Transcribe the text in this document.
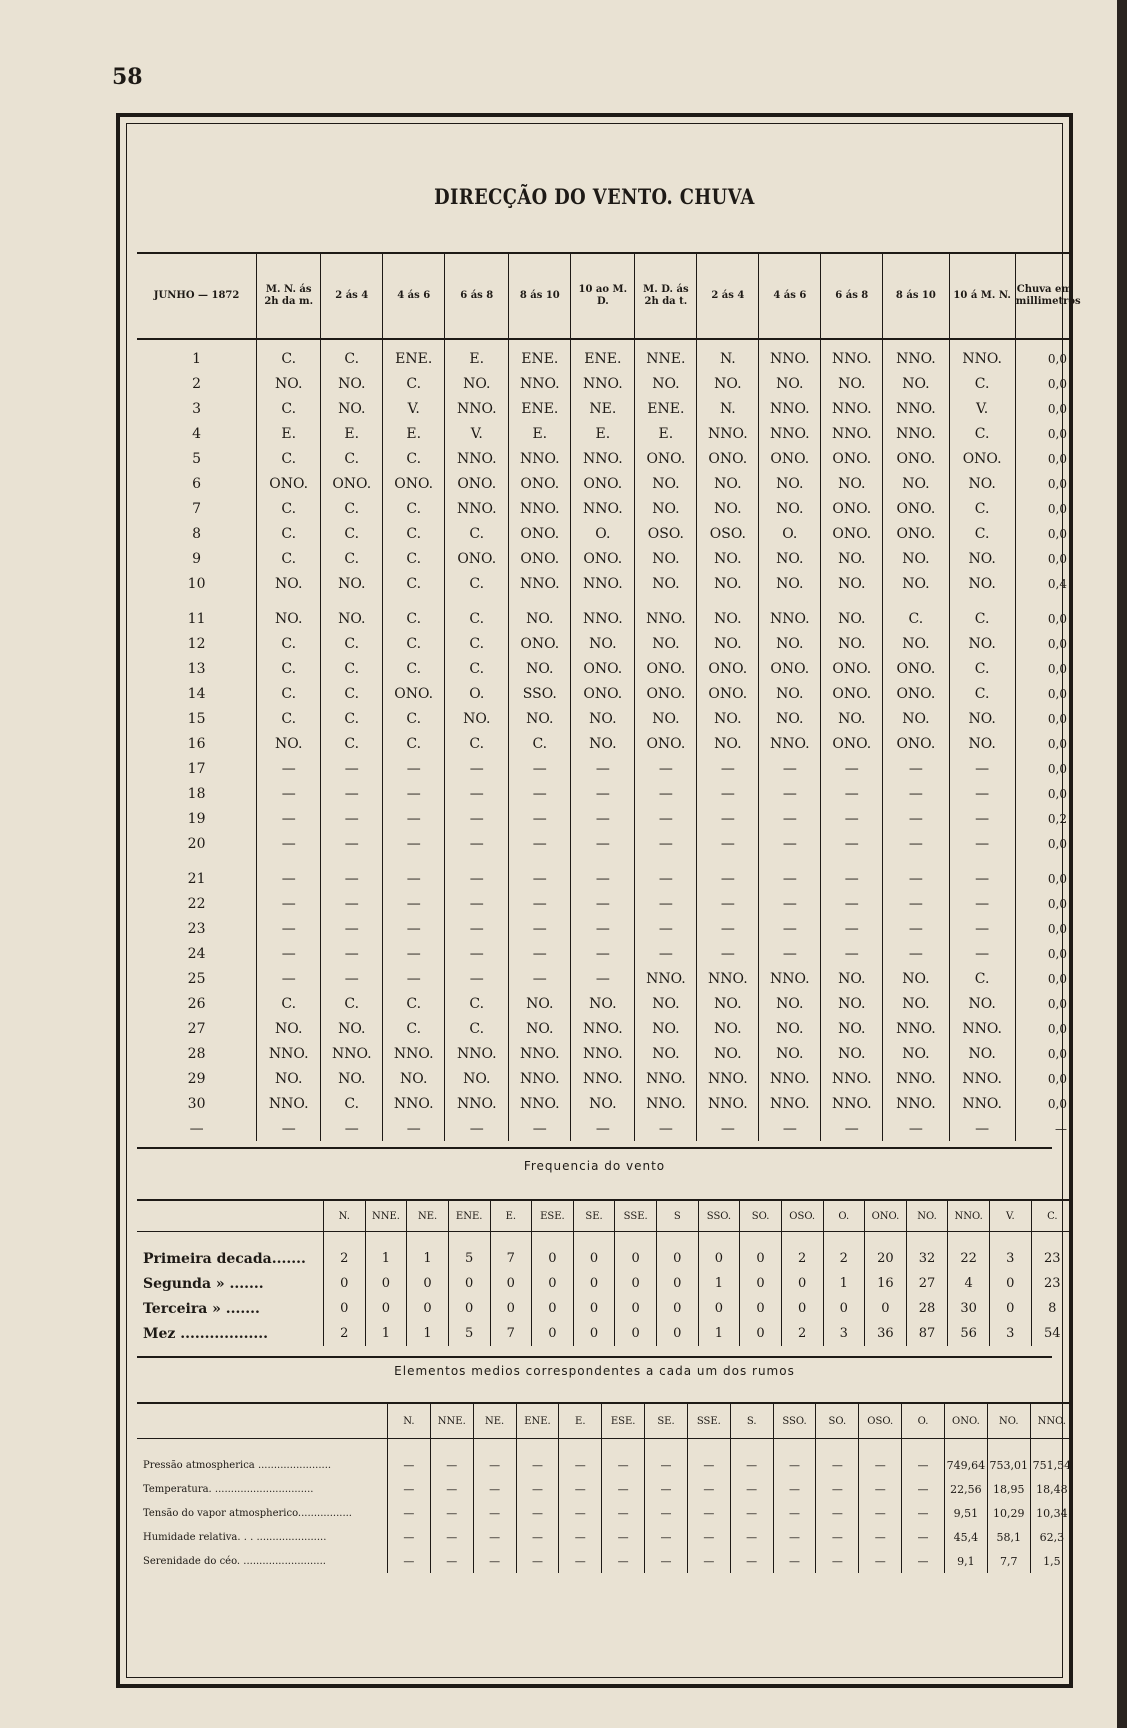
58
DIRECÇÃO DO VENTO. CHUVA
JUNHO — 1872	M. N. ás 2h da m.	2 ás 4	4 ás 6	6 ás 8	8 ás 10	10 ao M. D.	M. D. ás 2h da t.	2 ás 4	4 ás 6	6 ás 8	8 ás 10	10 á M. N.	Chuva em millimetros
1	C.	C.	ENE.	E.	ENE.	ENE.	NNE.	N.	NNO.	NNO.	NNO.	NNO.	0,0
2	NO.	NO.	C.	NO.	NNO.	NNO.	NO.	NO.	NO.	NO.	NO.	C.	0,0
3	C.	NO.	V.	NNO.	ENE.	NE.	ENE.	N.	NNO.	NNO.	NNO.	V.	0,0
4	E.	E.	E.	V.	E.	E.	E.	NNO.	NNO.	NNO.	NNO.	C.	0,0
5	C.	C.	C.	NNO.	NNO.	NNO.	ONO.	ONO.	ONO.	ONO.	ONO.	ONO.	0,0
6	ONO.	ONO.	ONO.	ONO.	ONO.	ONO.	NO.	NO.	NO.	NO.	NO.	NO.	0,0
7	C.	C.	C.	NNO.	NNO.	NNO.	NO.	NO.	NO.	ONO.	ONO.	C.	0,0
8	C.	C.	C.	C.	ONO.	O.	OSO.	OSO.	O.	ONO.	ONO.	C.	0,0
9	C.	C.	C.	ONO.	ONO.	ONO.	NO.	NO.	NO.	NO.	NO.	NO.	0,0
10	NO.	NO.	C.	C.	NNO.	NNO.	NO.	NO.	NO.	NO.	NO.	NO.	0,4
11	NO.	NO.	C.	C.	NO.	NNO.	NNO.	NO.	NNO.	NO.	C.	C.	0,0
12	C.	C.	C.	C.	ONO.	NO.	NO.	NO.	NO.	NO.	NO.	NO.	0,0
13	C.	C.	C.	C.	NO.	ONO.	ONO.	ONO.	ONO.	ONO.	ONO.	C.	0,0
14	C.	C.	ONO.	O.	SSO.	ONO.	ONO.	ONO.	NO.	ONO.	ONO.	C.	0,0
15	C.	C.	C.	NO.	NO.	NO.	NO.	NO.	NO.	NO.	NO.	NO.	0,0
16	NO.	C.	C.	C.	C.	NO.	ONO.	NO.	NNO.	ONO.	ONO.	NO.	0,0
17	—	—	—	—	—	—	—	—	—	—	—	—	0,0
18	—	—	—	—	—	—	—	—	—	—	—	—	0,0
19	—	—	—	—	—	—	—	—	—	—	—	—	0,2
20	—	—	—	—	—	—	—	—	—	—	—	—	0,0
21	—	—	—	—	—	—	—	—	—	—	—	—	0,0
22	—	—	—	—	—	—	—	—	—	—	—	—	0,0
23	—	—	—	—	—	—	—	—	—	—	—	—	0,0
24	—	—	—	—	—	—	—	—	—	—	—	—	0,0
25	—	—	—	—	—	—	NNO.	NNO.	NNO.	NO.	NO.	C.	0,0
26	C.	C.	C.	C.	NO.	NO.	NO.	NO.	NO.	NO.	NO.	NO.	0,0
27	NO.	NO.	C.	C.	NO.	NNO.	NO.	NO.	NO.	NO.	NNO.	NNO.	0,0
28	NNO.	NNO.	NNO.	NNO.	NNO.	NNO.	NO.	NO.	NO.	NO.	NO.	NO.	0,0
29	NO.	NO.	NO.	NO.	NNO.	NNO.	NNO.	NNO.	NNO.	NNO.	NNO.	NNO.	0,0
30	NNO.	C.	NNO.	NNO.	NNO.	NO.	NNO.	NNO.	NNO.	NNO.	NNO.	NNO.	0,0
—	—	—	—	—	—	—	—	—	—	—	—	—	—
Frequencia do vento
	N.	NNE.	NE.	ENE.	E.	ESE.	SE.	SSE.	S	SSO.	SO.	OSO.	O.	ONO.	NO.	NNO.	V.	C.
Primeira decada.......	2	1	1	5	7	0	0	0	0	0	0	2	2	20	32	22	3	23
Segunda » .......	0	0	0	0	0	0	0	0	0	1	0	0	1	16	27	4	0	23
Terceira » .......	0	0	0	0	0	0	0	0	0	0	0	0	0	0	28	30	0	8
Mez ..................	2	1	1	5	7	0	0	0	0	1	0	2	3	36	87	56	3	54
Elementos medios correspondentes a cada um dos rumos
	N.	NNE.	NE.	ENE.	E.	ESE.	SE.	SSE.	S.	SSO.	SO.	OSO.	O.	ONO.	NO.	NNO.
Pressão atmospherica .......................	—	—	—	—	—	—	—	—	—	—	—	—	—	749,64	753,01	751,54
Temperatura. ...............................	—	—	—	—	—	—	—	—	—	—	—	—	—	22,56	18,95	18,48
Tensão do vapor atmospherico.................	—	—	—	—	—	—	—	—	—	—	—	—	—	9,51	10,29	10,34
Humidade relativa. . . ......................	—	—	—	—	—	—	—	—	—	—	—	—	—	45,4	58,1	62,3
Serenidade do céo. ..........................	—	—	—	—	—	—	—	—	—	—	—	—	—	9,1	7,7	1,5
